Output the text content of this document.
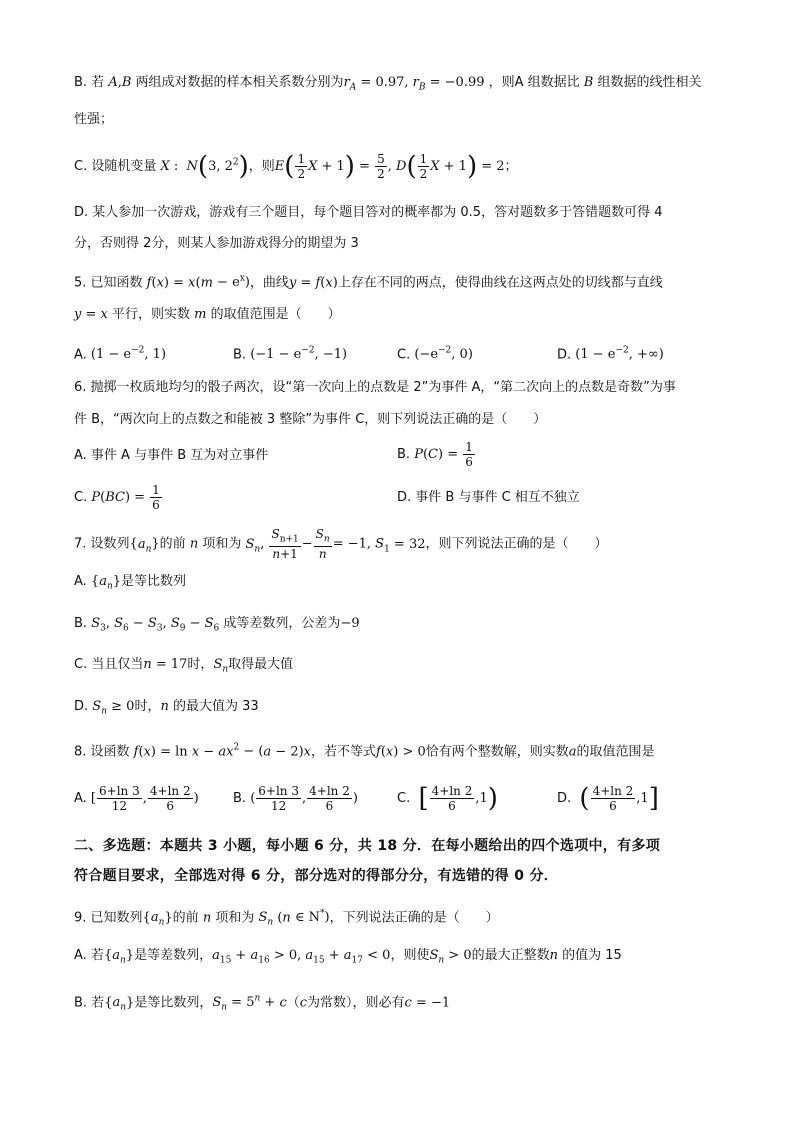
B. 若 A,B 两组成对数据的样本相关系数分别为$r_A = 0.97$, $r_B = -0.99$ ，则A 组数据比 B 组数据的线性相关
性强；
C. 设随机变量 X :  N(3, $2^2$)，则$E( \frac{1}{2}$ $X + 1) = \frac{5}{2}$ , $D( \frac{1}{2}$ X + 1) = 2；
D. 某人参加一次游戏，游戏有三个题目，每个题目答对的概率都为 0.5，答对题数多于答错题数可得 4
分，否则得 2分，则某人参加游戏得分的期望为 3
5. 已知函数 $f(x) = x(m - e^x)$，曲线y = f(x)上存在不同的两点，使得曲线在这两点处的切线都与直线
y = x 平行，则实数 m 的取值范围是（　　）
A. ($1 - e^{-2}$, 1)	B. ($-1 - e^{-2}$, −1)	C. ($-e^{-2}$, 0)	D. ($1 - e^{-2}$, +∞)
6. 抛掷一枚质地均匀的骰子两次，设“第一次向上的点数是 2”为事件 A，“第二次向上的点数是奇数”为事
件 B，“两次向上的点数之和能被 3 整除”为事件 C，则下列说法正确的是（　　）
A. 事件 A 与事件 B 互为对立事件	B. $P(C) = \frac{1}{6}$
C. $P(BC) = \frac{1}{6}$	D. 事件 B 与事件 C 相互不独立
7. 设数列$\{a_n\}$的前 n 项和为 $S_n$, $\frac{S_{n+1}}{n+1} - \frac{S_n}{n} = -1$, $S_1 = 32$，则下列说法正确的是（　　）
A. $\{a_n\}$是等比数列
B. $S_3$, $S_6 - S_3$, $S_9 - S_6$ 成等差数列，公差为−9
C. 当且仅当n = 17时，$S_n$取得最大值
D. $S_n \ge 0$时，n 的最大值为 33
8. 设函数 $f(x) = \ln x - ax^2 - (a - 2)x$，若不等式f(x) > 0恰有两个整数解，则实数a的取值范围是
A. [ $\frac{6+\ln 3}{12}$ , $\frac{4+\ln 2}{6}$ )	B. ( $\frac{6+\ln 3}{12}$ , $\frac{4+\ln 2}{6}$ )	C. [ $\frac{4+\ln 2}{6} ,1$)	D. ( $\frac{4+\ln 2}{6} ,1$]
二、多选题：本题共 3 小题，每小题 6 分，共 18 分．在每小题给出的四个选项中，有多项
符合题目要求，全部选对得 6 分，部分选对的得部分分，有选错的得 0 分．
9. 已知数列$\{a_n\}$的前 n 项和为 $S_n$ (n ∈ N*)，下列说法正确的是（　　）
A. 若$\{a_n\}$是等差数列，$a_{15} + a_{16} > 0$, $a_{15} + a_{17} < 0$，则使$S_n > 0$的最大正整数n 的值为 15
B. 若$\{a_n\}$是等比数列，$S_n = 5^n + c(c$为常数），则必有c = −1
